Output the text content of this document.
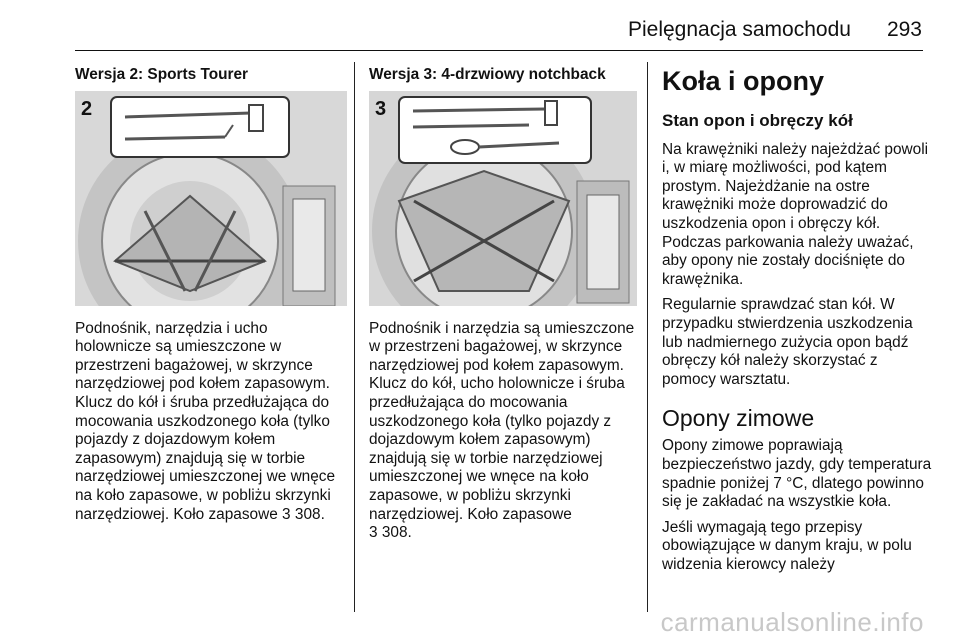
Pielęgnacja samochodu 293
Wersja 2: Sports Tourer
2

Podnośnik, narzędzia i ucho holownicze są umieszczone w przestrzeni bagażowej, w skrzynce narzędziowej pod kołem zapasowym. Klucz do kół i śruba przedłużająca do mocowania uszkodzonego koła (tylko pojazdy z dojazdowym kołem zapasowym) znajdują się w torbie narzędziowej umieszczonej we wnęce na koło zapasowe, w pobliżu skrzynki narzędziowej. Koło zapasowe 3 308.

Wersja 3: 4-drzwiowy notchback
3

Podnośnik i narzędzia są umieszczone w przestrzeni bagażowej, w skrzynce narzędziowej pod kołem zapasowym. Klucz do kół, ucho holownicze i śruba przedłużająca do mocowania uszkodzonego koła (tylko pojazdy z dojazdowym kołem zapasowym) znajdują się w torbie narzędziowej umieszczonej we wnęce na koło zapasowe, w pobliżu skrzynki narzędziowej. Koło zapasowe
3 308.

Koła i opony
Stan opon i obręczy kół

Na krawężniki należy najeżdżać powoli i, w miarę możliwości, pod kątem prostym. Najeżdżanie na ostre krawężniki może doprowadzić do uszkodzenia opon i obręczy kół. Podczas parkowania należy uważać, aby opony nie zostały dociśnięte do krawężnika.

Regularnie sprawdzać stan kół. W przypadku stwierdzenia uszkodzenia lub nadmiernego zużycia opon bądź obręczy kół należy skorzystać z pomocy warsztatu.

Opony zimowe

Opony zimowe poprawiają bezpieczeństwo jazdy, gdy temperatura spadnie poniżej 7 °C, dlatego powinno się je zakładać na wszystkie koła.

Jeśli wymagają tego przepisy obowiązujące w danym kraju, w polu widzenia kierowcy należy

carmanualsonline.info
